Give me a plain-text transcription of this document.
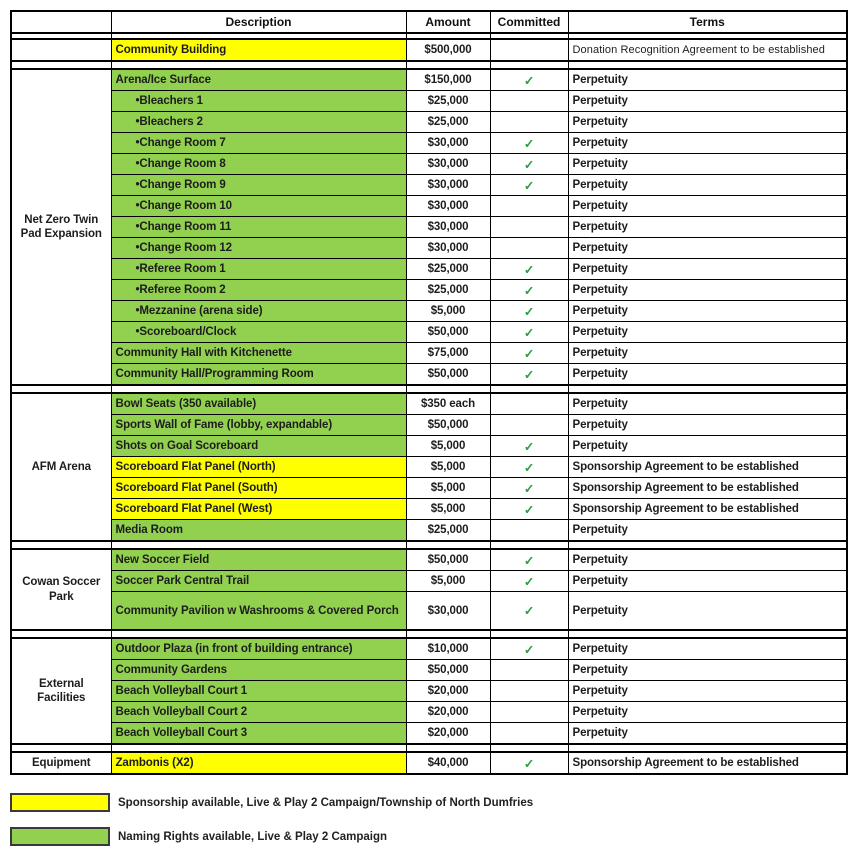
	Description	Amount	Committed	Terms

	Community Building	$500,000		Donation Recognition Agreement to be established

Net Zero Twin Pad Expansion	Arena/Ice Surface	$150,000	✓	Perpetuity
	•Bleachers 1	$25,000		Perpetuity
	•Bleachers 2	$25,000		Perpetuity
	•Change Room 7	$30,000	✓	Perpetuity
	•Change Room 8	$30,000	✓	Perpetuity
	•Change Room 9	$30,000	✓	Perpetuity
	•Change Room 10	$30,000		Perpetuity
	•Change Room 11	$30,000		Perpetuity
	•Change Room 12	$30,000		Perpetuity
	•Referee Room 1	$25,000	✓	Perpetuity
	•Referee Room 2	$25,000	✓	Perpetuity
	•Mezzanine (arena side)	$5,000	✓	Perpetuity
	•Scoreboard/Clock	$50,000	✓	Perpetuity
	Community Hall with Kitchenette	$75,000	✓	Perpetuity
	Community Hall/Programming Room	$50,000	✓	Perpetuity

AFM Arena	Bowl Seats (350 available)	$350 each		Perpetuity
	Sports Wall of Fame (lobby, expandable)	$50,000		Perpetuity
	Shots on Goal Scoreboard	$5,000	✓	Perpetuity
	Scoreboard Flat Panel (North)	$5,000	✓	Sponsorship Agreement to be established
	Scoreboard Flat Panel (South)	$5,000	✓	Sponsorship Agreement to be established
	Scoreboard Flat Panel (West)	$5,000	✓	Sponsorship Agreement to be established
	Media Room	$25,000		Perpetuity

Cowan Soccer Park	New Soccer Field	$50,000	✓	Perpetuity
	Soccer Park Central Trail	$5,000	✓	Perpetuity
	Community Pavilion w Washrooms & Covered Porch	$30,000	✓	Perpetuity

External Facilities	Outdoor Plaza (in front of building entrance)	$10,000	✓	Perpetuity
	Community Gardens	$50,000		Perpetuity
	Beach Volleyball Court 1	$20,000		Perpetuity
	Beach Volleyball Court 2	$20,000		Perpetuity
	Beach Volleyball Court 3	$20,000		Perpetuity

Equipment	Zambonis (X2)	$40,000	✓	Sponsorship Agreement to be established
Sponsorship available, Live & Play 2 Campaign/Township of North Dumfries
Naming Rights available, Live & Play 2 Campaign
